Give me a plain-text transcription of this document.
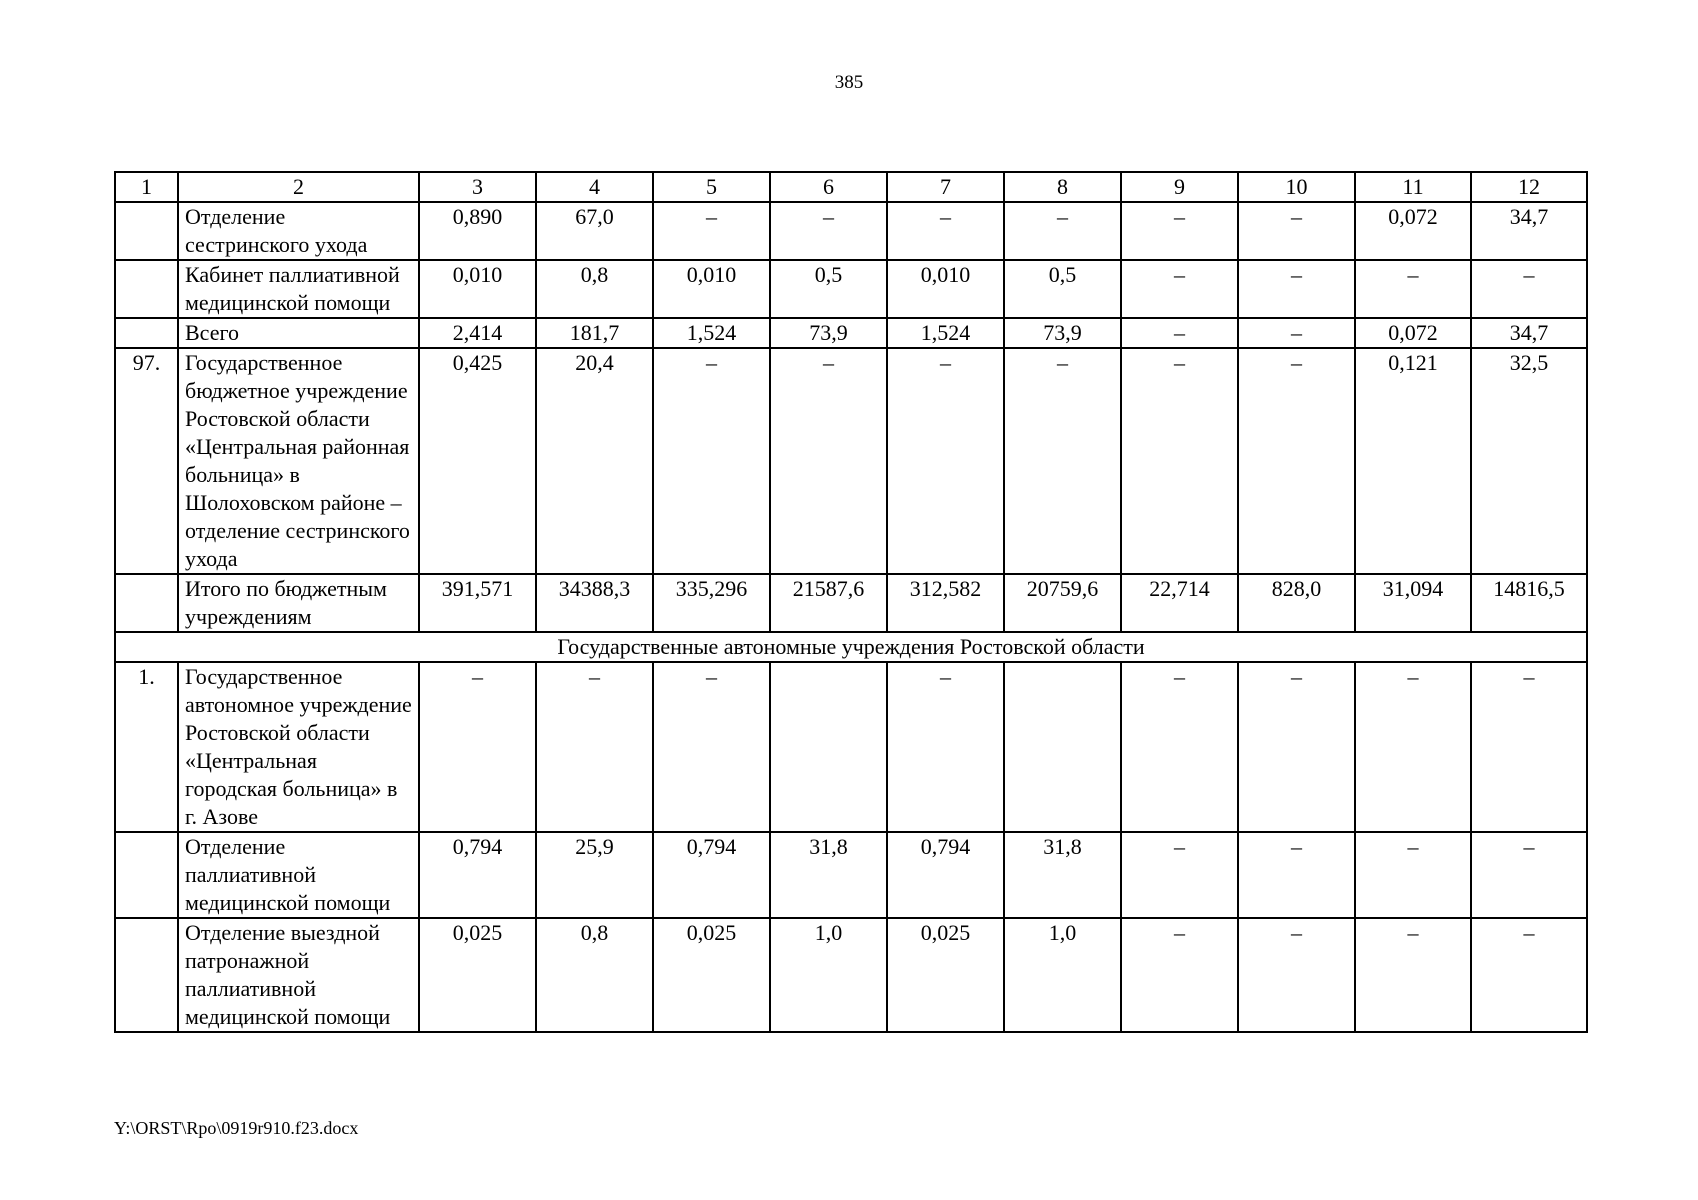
385
1	2	3	4	5	6	7	8	9	10	11	12
	Отделение сестринского ухода	0,890	67,0	–	–	–	–	–	–	0,072	34,7
	Кабинет паллиативной медицинской помощи	0,010	0,8	0,010	0,5	0,010	0,5	–	–	–	–
	Всего	2,414	181,7	1,524	73,9	1,524	73,9	–	–	0,072	34,7
97.	Государственное бюджетное учреждение Ростовской области «Центральная районная больница» в Шолоховском районе – отделение сестринского ухода	0,425	20,4	–	–	–	–	–	–	0,121	32,5
	Итого по бюджетным учреждениям	391,571	34388,3	335,296	21587,6	312,582	20759,6	22,714	828,0	31,094	14816,5
Государственные автономные учреждения Ростовской области											
1.	Государственное автономное учреждение Ростовской области «Центральная городская больница» в г. Азове	–	–	–		–		–	–	–	–
	Отделение паллиативной медицинской помощи	0,794	25,9	0,794	31,8	0,794	31,8	–	–	–	–
	Отделение выездной патронажной паллиативной медицинской помощи	0,025	0,8	0,025	1,0	0,025	1,0	–	–	–	–
Y:\ORST\Rpo\0919r910.f23.docx
